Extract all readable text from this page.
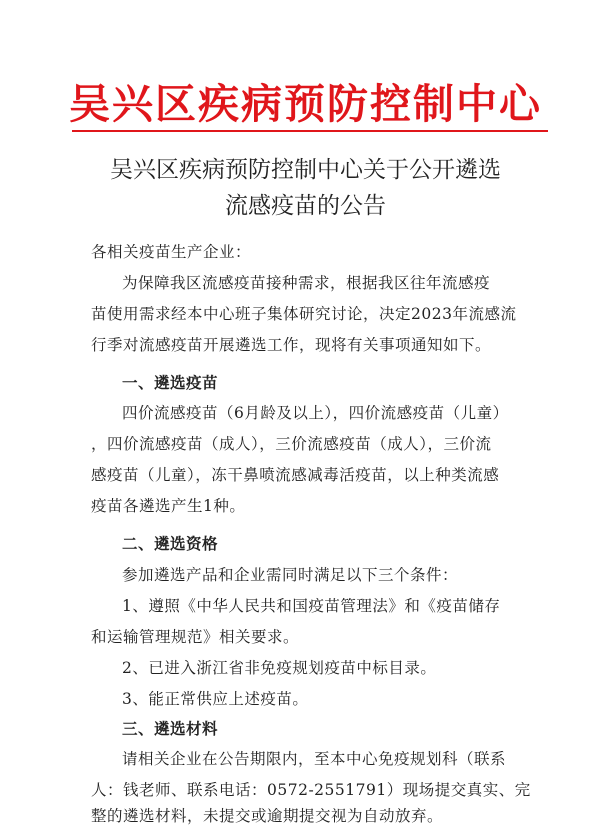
吴兴区疾病预防控制中心
吴兴区疾病预防控制中心关于公开遴选
流感疫苗的公告
各相关疫苗生产企业：
为保障我区流感疫苗接种需求，根据我区往年流感疫
苗使用需求经本中心班子集体研究讨论，决定2023年流感流
行季对流感疫苗开展遴选工作，现将有关事项通知如下。
一、遴选疫苗
四价流感疫苗（6月龄及以上），四价流感疫苗（儿童）
，四价流感疫苗（成人），三价流感疫苗（成人），三价流
感疫苗（儿童），冻干鼻喷流感减毒活疫苗，以上种类流感
疫苗各遴选产生1种。
二、遴选资格
参加遴选产品和企业需同时满足以下三个条件：
1、遵照《中华人民共和国疫苗管理法》和《疫苗储存
和运输管理规范》相关要求。
2、已进入浙江省非免疫规划疫苗中标目录。
3、能正常供应上述疫苗。
三、遴选材料
请相关企业在公告期限内，至本中心免疫规划科（联系
人：钱老师、联系电话：0572-2551791）现场提交真实、完
整的遴选材料，未提交或逾期提交视为自动放弃。
